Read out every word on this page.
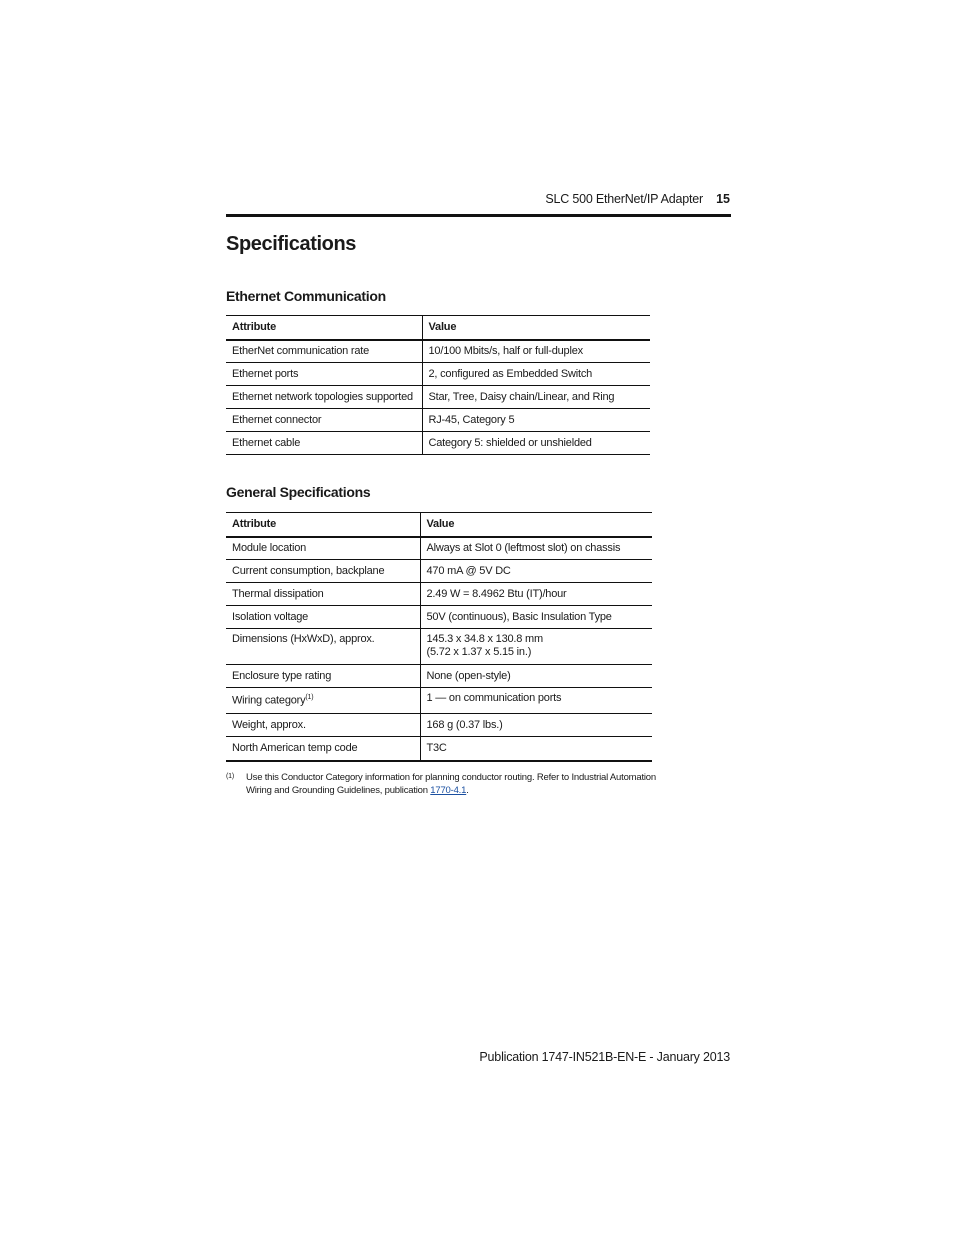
SLC 500 EtherNet/IP Adapter 15
Specifications
Ethernet Communication
Attribute	Value
EtherNet communication rate	10/100 Mbits/s, half or full-duplex
Ethernet ports	2, configured as Embedded Switch
Ethernet network topologies supported	Star, Tree, Daisy chain/Linear, and Ring
Ethernet connector	RJ-45, Category 5
Ethernet cable	Category 5: shielded or unshielded
General Specifications
Attribute	Value
Module location	Always at Slot 0 (leftmost slot) on chassis
Current consumption, backplane	470 mA @ 5V DC
Thermal dissipation	2.49 W = 8.4962 Btu (IT)/hour
Isolation voltage	50V (continuous), Basic Insulation Type
Dimensions (HxWxD), approx.	145.3 x 34.8 x 130.8 mm
(5.72 x 1.37 x 5.15 in.)

Enclosure type rating	None (open-style)
Wiring category$^{(1)}$	1 — on communication ports
Weight, approx.	168 g (0.37 lbs.)
North American temp code	T3C
(1) Use this Conductor Category information for planning conductor routing. Refer to Industrial Automation Wiring and Grounding Guidelines, publication 1770-4.1.
Publication 1747-IN521B-EN-E - January 2013
